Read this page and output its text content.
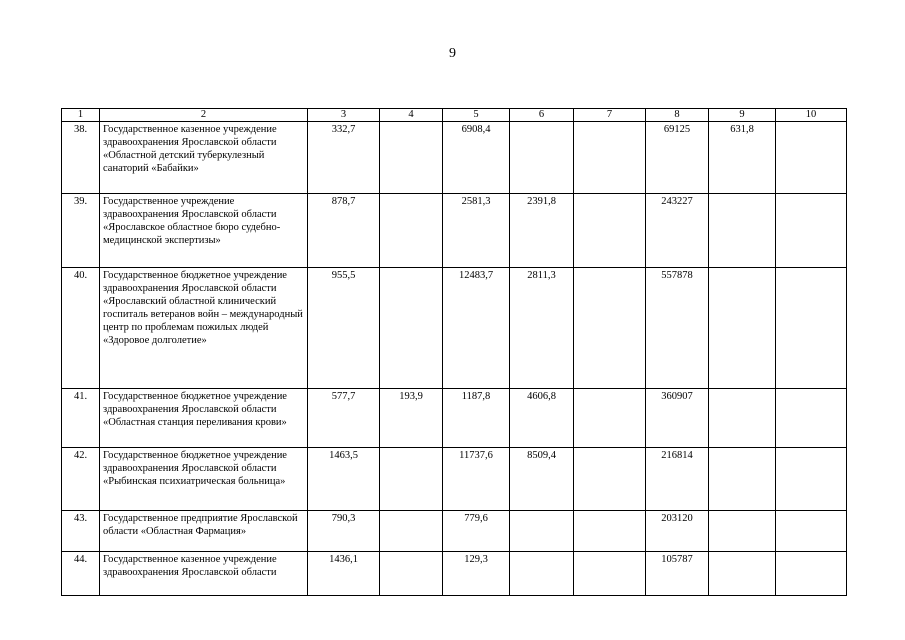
9
1	2	3	4	5	6	7	8	9	10
38.	Государственное казенное учреждение здравоохранения Ярославской области «Областной детский туберкулезный санаторий «Бабайки»	332,7		6908,4			69125	631,8	
39.	Государственное учреждение здравоохранения Ярославской области «Ярославское областное бюро судебно-медицинской экспертизы»	878,7		2581,3	2391,8		243227		
40.	Государственное бюджетное учреждение здравоохранения Ярославской области «Ярославский областной клинический госпиталь ветеранов войн – международный центр по проблемам пожилых людей «Здоровое долголетие»	955,5		12483,7	2811,3		557878		
41.	Государственное бюджетное учреждение здравоохранения Ярославской области «Областная станция переливания крови»	577,7	193,9	1187,8	4606,8		360907		
42.	Государственное бюджетное учреждение здравоохранения Ярославской области «Рыбинская психиатрическая больница»	1463,5		11737,6	8509,4		216814		
43.	Государственное предприятие Ярославской области «Областная Фармация»	790,3		779,6			203120		
44.	Государственное казенное учреждение здравоохранения Ярославской области	1436,1		129,3			105787		
